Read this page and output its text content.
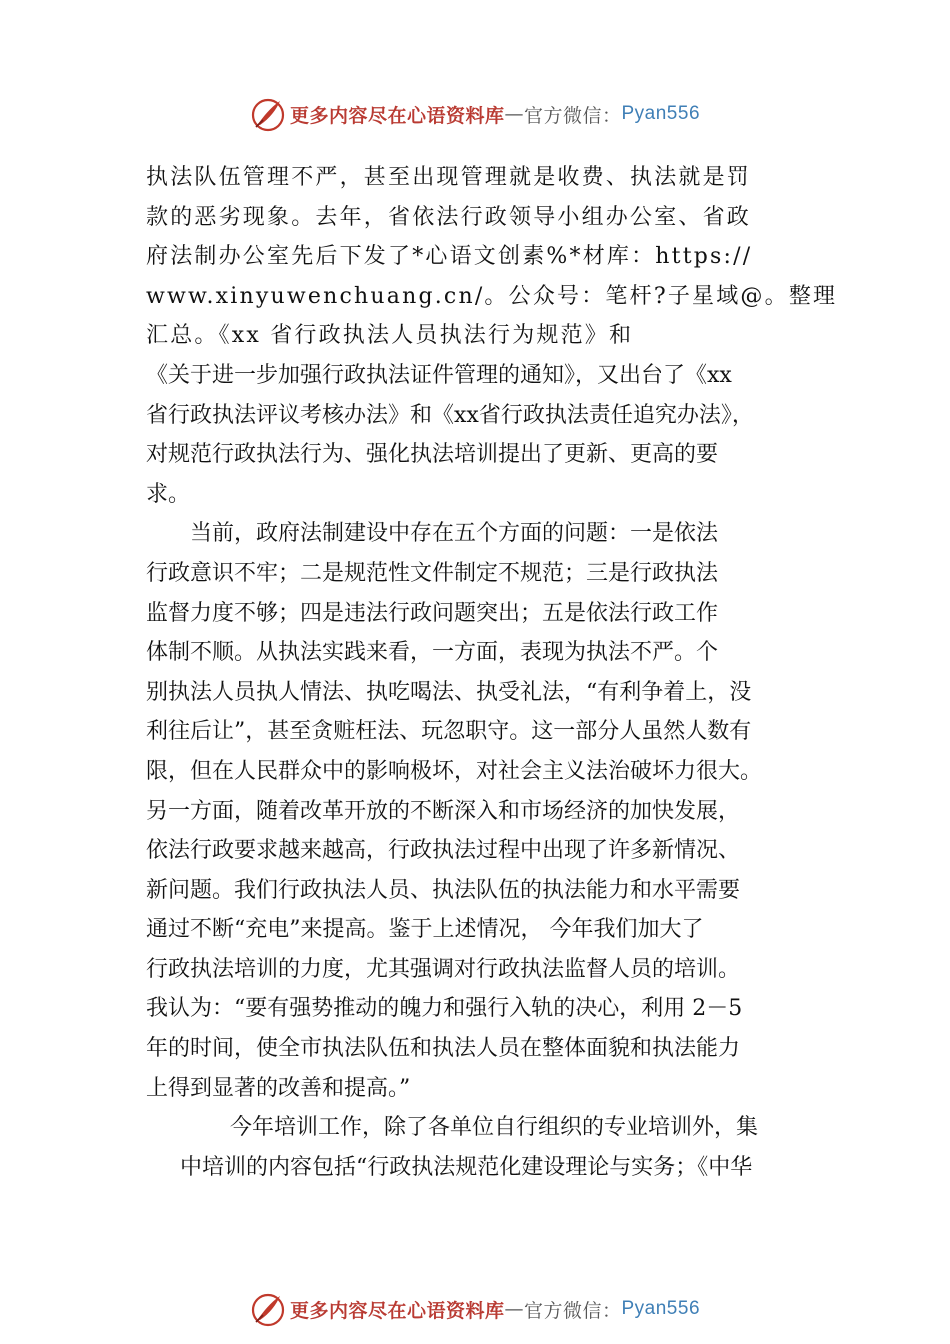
更多内容尽在心语资料库 — 官方微信： Pyan556
执法队伍管理不严，甚至出现管理就是收费、执法就是罚
款的恶劣现象。去年，省依法行政领导小组办公室、省政
府法制办公室先后下发了*心语文创素%*材库：https://
www.xinyuwenchuang.cn/。公众号：笔杆?子星域@。整理
汇总。《xx 省行政执法人员执法行为规范》和
《关于进一步加强行政执法证件管理的通知》，又出台了《xx
省行政执法评议考核办法》和《xx省行政执法责任追究办法》，
对规范行政执法行为、强化执法培训提出了更新、更高的要
求。
当前，政府法制建设中存在五个方面的问题：一是依法
行政意识不牢；二是规范性文件制定不规范；三是行政执法
监督力度不够；四是违法行政问题突出；五是依法行政工作
体制不顺。从执法实践来看，一方面，表现为执法不严。个
别执法人员执人情法、执吃喝法、执受礼法，“有利争着上，没
利往后让”，甚至贪赃枉法、玩忽职守。这一部分人虽然人数有
限，但在人民群众中的影响极坏，对社会主义法治破坏力很大。
另一方面，随着改革开放的不断深入和市场经济的加快发展，
依法行政要求越来越高，行政执法过程中出现了许多新情况、
新问题。我们行政执法人员、执法队伍的执法能力和水平需要
通过不断“充电”来提高。鉴于上述情况， 今年我们加大了
行政执法培训的力度，尤其强调对行政执法监督人员的培训。
我认为：“要有强势推动的魄力和强行入轨的决心，利用 2－5
年的时间，使全市执法队伍和执法人员在整体面貌和执法能力
上得到显著的改善和提高。”
今年培训工作，除了各单位自行组织的专业培训外，集
中培训的内容包括“行政执法规范化建设理论与实务；《中华
更多内容尽在心语资料库 — 官方微信： Pyan556
